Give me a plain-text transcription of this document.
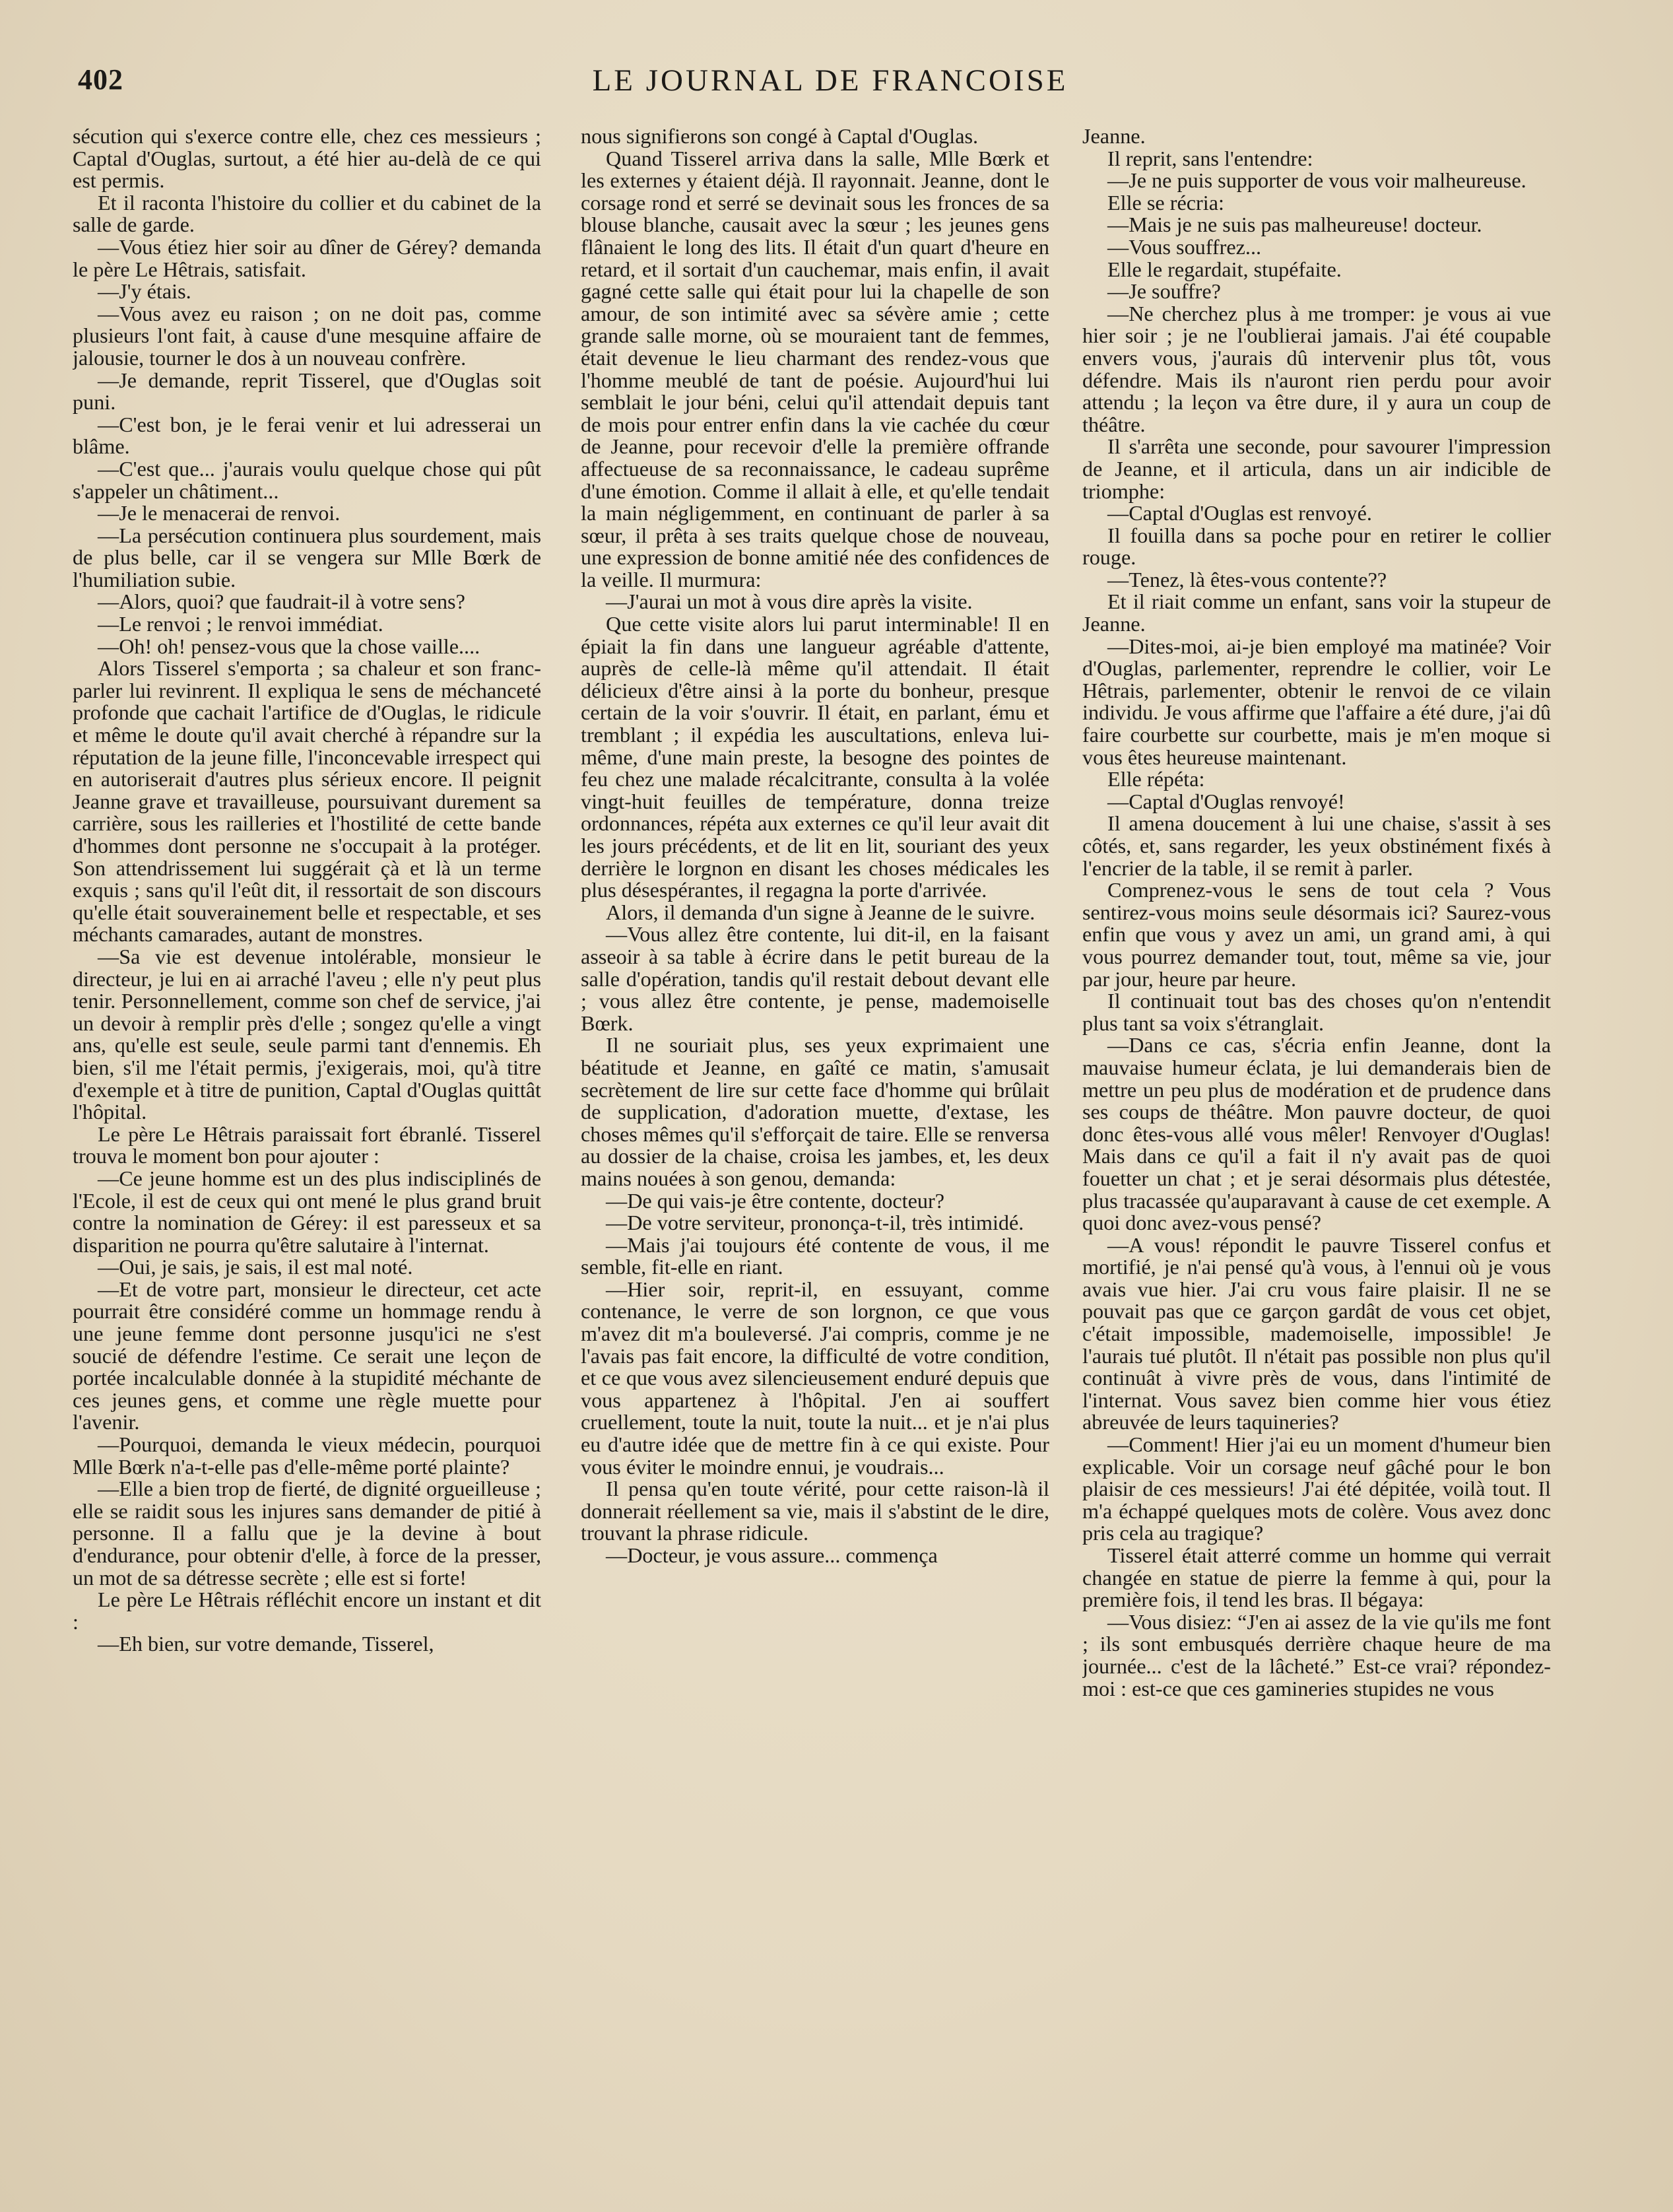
402	LE JOURNAL DE FRANCOISE

sécution qui s'exerce contre elle, chez ces messieurs ; Captal d'Ouglas, surtout, a été hier au-delà de ce qui est permis.

Et il raconta l'histoire du collier et du cabinet de la salle de garde.

—Vous étiez hier soir au dîner de Gérey? demanda le père Le Hêtrais, satisfait.

—J'y étais.

—Vous avez eu raison ; on ne doit pas, comme plusieurs l'ont fait, à cause d'une mesquine affaire de jalousie, tourner le dos à un nouveau confrère.

—Je demande, reprit Tisserel, que d'Ouglas soit puni.

—C'est bon, je le ferai venir et lui adresserai un blâme.

—C'est que... j'aurais voulu quelque chose qui pût s'appeler un châtiment...

—Je le menacerai de renvoi.

—La persécution continuera plus sourdement, mais de plus belle, car il se vengera sur Mlle Bœrk de l'humiliation subie.

—Alors, quoi? que faudrait-il à votre sens?

—Le renvoi ; le renvoi immédiat.

—Oh! oh! pensez-vous que la chose vaille....

Alors Tisserel s'emporta ; sa chaleur et son franc-parler lui revinrent. Il expliqua le sens de méchanceté profonde que cachait l'artifice de d'Ouglas, le ridicule et même le doute qu'il avait cherché à répandre sur la réputation de la jeune fille, l'inconcevable irrespect qui en autoriserait d'autres plus sérieux encore. Il peignit Jeanne grave et travailleuse, poursuivant durement sa carrière, sous les railleries et l'hostilité de cette bande d'hommes dont personne ne s'occupait à la protéger. Son attendrissement lui suggérait çà et là un terme exquis ; sans qu'il l'eût dit, il ressortait de son discours qu'elle était souverainement belle et respectable, et ses méchants camarades, autant de monstres.

—Sa vie est devenue intolérable, monsieur le directeur, je lui en ai arraché l'aveu ; elle n'y peut plus tenir. Personnellement, comme son chef de service, j'ai un devoir à remplir près d'elle ; songez qu'elle a vingt ans, qu'elle est seule, seule parmi tant d'ennemis. Eh bien, s'il me l'était permis, j'exigerais, moi, qu'à titre d'exemple et à titre de punition, Captal d'Ouglas quittât l'hôpital.

Le père Le Hêtrais paraissait fort ébranlé. Tisserel trouva le moment bon pour ajouter :

—Ce jeune homme est un des plus indisciplinés de l'Ecole, il est de ceux qui ont mené le plus grand bruit contre la nomination de Gérey: il est paresseux et sa disparition ne pourra qu'être salutaire à l'internat.

—Oui, je sais, je sais, il est mal noté.

—Et de votre part, monsieur le directeur, cet acte pourrait être considéré comme un hommage rendu à une jeune femme dont personne jusqu'ici ne s'est soucié de défendre l'estime. Ce serait une leçon de portée incalculable donnée à la stupidité méchante de ces jeunes gens, et comme une règle muette pour l'avenir.

—Pourquoi, demanda le vieux médecin, pourquoi Mlle Bœrk n'a-t-elle pas d'elle-même porté plainte?

—Elle a bien trop de fierté, de dignité orgueilleuse ; elle se raidit sous les injures sans demander de pitié à personne. Il a fallu que je la devine à bout d'endurance, pour obtenir d'elle, à force de la presser, un mot de sa détresse secrète ; elle est si forte!

Le père Le Hêtrais réfléchit encore un instant et dit :

—Eh bien, sur votre demande, Tisserel,

nous signifierons son congé à Captal d'Ouglas.

Quand Tisserel arriva dans la salle, Mlle Bœrk et les externes y étaient déjà. Il rayonnait. Jeanne, dont le corsage rond et serré se devinait sous les fronces de sa blouse blanche, causait avec la sœur ; les jeunes gens flânaient le long des lits. Il était d'un quart d'heure en retard, et il sortait d'un cauchemar, mais enfin, il avait gagné cette salle qui était pour lui la chapelle de son amour, de son intimité avec sa sévère amie ; cette grande salle morne, où se mouraient tant de femmes, était devenue le lieu charmant des rendez-vous que l'homme meublé de tant de poésie. Aujourd'hui lui semblait le jour béni, celui qu'il attendait depuis tant de mois pour entrer enfin dans la vie cachée du cœur de Jeanne, pour recevoir d'elle la première offrande affectueuse de sa reconnaissance, le cadeau suprême d'une émotion. Comme il allait à elle, et qu'elle tendait la main négligemment, en continuant de parler à sa sœur, il prêta à ses traits quelque chose de nouveau, une expression de bonne amitié née des confidences de la veille. Il murmura:

—J'aurai un mot à vous dire après la visite.

Que cette visite alors lui parut interminable! Il en épiait la fin dans une langueur agréable d'attente, auprès de celle-là même qu'il attendait. Il était délicieux d'être ainsi à la porte du bonheur, presque certain de la voir s'ouvrir. Il était, en parlant, ému et tremblant ; il expédia les auscultations, enleva lui-même, d'une main preste, la besogne des pointes de feu chez une malade récalcitrante, consulta à la volée vingt-huit feuilles de température, donna treize ordonnances, répéta aux externes ce qu'il leur avait dit les jours précédents, et de lit en lit, souriant des yeux derrière le lorgnon en disant les choses médicales les plus désespérantes, il regagna la porte d'arrivée.

Alors, il demanda d'un signe à Jeanne de le suivre.

—Vous allez être contente, lui dit-il, en la faisant asseoir à sa table à écrire dans le petit bureau de la salle d'opération, tandis qu'il restait debout devant elle ; vous allez être contente, je pense, mademoiselle Bœrk.

Il ne souriait plus, ses yeux exprimaient une béatitude et Jeanne, en gaîté ce matin, s'amusait secrètement de lire sur cette face d'homme qui brûlait de supplication, d'adoration muette, d'extase, les choses mêmes qu'il s'efforçait de taire. Elle se renversa au dossier de la chaise, croisa les jambes, et, les deux mains nouées à son genou, demanda:

—De qui vais-je être contente, docteur?

—De votre serviteur, prononça-t-il, très intimidé.

—Mais j'ai toujours été contente de vous, il me semble, fit-elle en riant.

—Hier soir, reprit-il, en essuyant, comme contenance, le verre de son lorgnon, ce que vous m'avez dit m'a bouleversé. J'ai compris, comme je ne l'avais pas fait encore, la difficulté de votre condition, et ce que vous avez silencieusement enduré depuis que vous appartenez à l'hôpital. J'en ai souffert cruellement, toute la nuit, toute la nuit... et je n'ai plus eu d'autre idée que de mettre fin à ce qui existe. Pour vous éviter le moindre ennui, je voudrais...

Il pensa qu'en toute vérité, pour cette raison-là il donnerait réellement sa vie, mais il s'abstint de le dire, trouvant la phrase ridicule.

—Docteur, je vous assure... commença

Jeanne.

Il reprit, sans l'entendre:

—Je ne puis supporter de vous voir malheureuse.

Elle se récria:

—Mais je ne suis pas malheureuse! docteur.

—Vous souffrez...

Elle le regardait, stupéfaite.

—Je souffre?

—Ne cherchez plus à me tromper: je vous ai vue hier soir ; je ne l'oublierai jamais. J'ai été coupable envers vous, j'aurais dû intervenir plus tôt, vous défendre. Mais ils n'auront rien perdu pour avoir attendu ; la leçon va être dure, il y aura un coup de théâtre.

Il s'arrêta une seconde, pour savourer l'impression de Jeanne, et il articula, dans un air indicible de triomphe:

—Captal d'Ouglas est renvoyé.

Il fouilla dans sa poche pour en retirer le collier rouge.

—Tenez, là êtes-vous contente??

Et il riait comme un enfant, sans voir la stupeur de Jeanne.

—Dites-moi, ai-je bien employé ma matinée? Voir d'Ouglas, parlementer, reprendre le collier, voir Le Hêtrais, parlementer, obtenir le renvoi de ce vilain individu. Je vous affirme que l'affaire a été dure, j'ai dû faire courbette sur courbette, mais je m'en moque si vous êtes heureuse maintenant.

Elle répéta:

—Captal d'Ouglas renvoyé!

Il amena doucement à lui une chaise, s'assit à ses côtés, et, sans regarder, les yeux obstinément fixés à l'encrier de la table, il se remit à parler.

Comprenez-vous le sens de tout cela ? Vous sentirez-vous moins seule désormais ici? Saurez-vous enfin que vous y avez un ami, un grand ami, à qui vous pourrez demander tout, tout, même sa vie, jour par jour, heure par heure.

Il continuait tout bas des choses qu'on n'entendit plus tant sa voix s'étranglait.

—Dans ce cas, s'écria enfin Jeanne, dont la mauvaise humeur éclata, je lui demanderais bien de mettre un peu plus de modération et de prudence dans ses coups de théâtre. Mon pauvre docteur, de quoi donc êtes-vous allé vous mêler! Renvoyer d'Ouglas! Mais dans ce qu'il a fait il n'y avait pas de quoi fouetter un chat ; et je serai désormais plus détestée, plus tracassée qu'auparavant à cause de cet exemple. A quoi donc avez-vous pensé?

—A vous! répondit le pauvre Tisserel confus et mortifié, je n'ai pensé qu'à vous, à l'ennui où je vous avais vue hier. J'ai cru vous faire plaisir. Il ne se pouvait pas que ce garçon gardât de vous cet objet, c'était impossible, mademoiselle, impossible! Je l'aurais tué plutôt. Il n'était pas possible non plus qu'il continuât à vivre près de vous, dans l'intimité de l'internat. Vous savez bien comme hier vous étiez abreuvée de leurs taquineries?

—Comment! Hier j'ai eu un moment d'humeur bien explicable. Voir un corsage neuf gâché pour le bon plaisir de ces messieurs! J'ai été dépitée, voilà tout. Il m'a échappé quelques mots de colère. Vous avez donc pris cela au tragique?

Tisserel était atterré comme un homme qui verrait changée en statue de pierre la femme à qui, pour la première fois, il tend les bras. Il bégaya:

—Vous disiez: “J'en ai assez de la vie qu'ils me font ; ils sont embusqués derrière chaque heure de ma journée... c'est de la lâcheté.” Est-ce vrai? répondez-moi : est-ce que ces gamineries stupides ne vous
